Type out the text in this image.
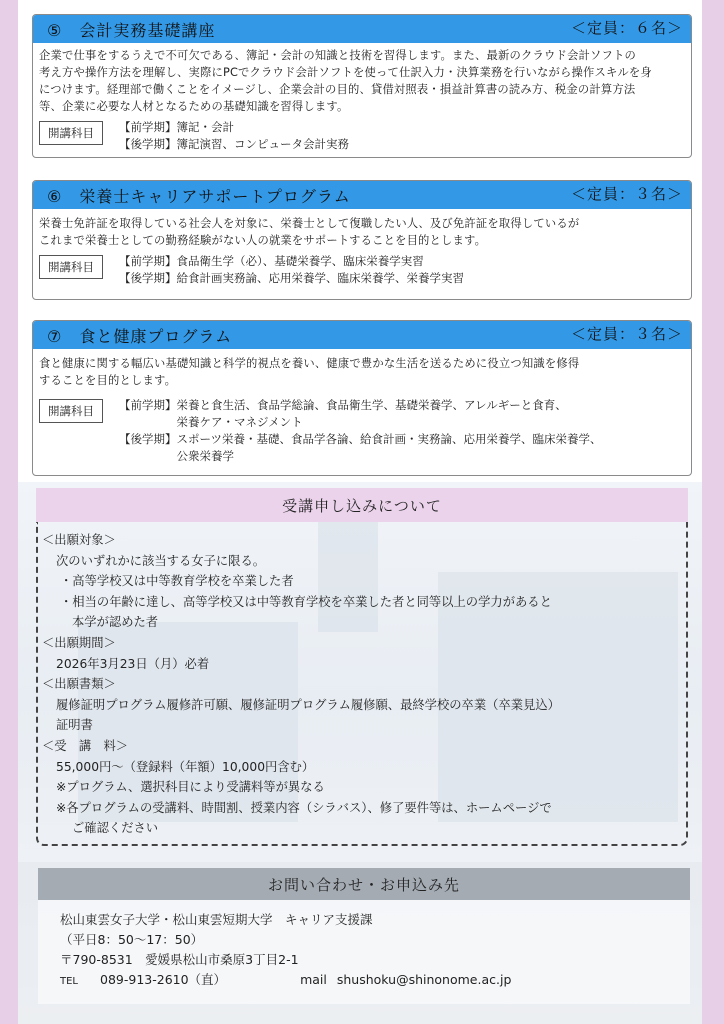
⑤　会計実務基礎講座	＜定員：６名＞
企業で仕事をするうえで不可欠である、簿記・会計の知識と技術を習得します。また、最新のクラウド会計ソフトの
考え方や操作方法を理解し、実際にPCでクラウド会計ソフトを使って仕訳入力・決算業務を行いながら操作スキルを身
につけます。経理部で働くことをイメージし、企業会計の目的、貸借対照表・損益計算書の読み方、税金の計算方法
等、企業に必要な人材となるための基礎知識を習得します。
開講科目	【前学期】 簿記・会計
【後学期】 簿記演習、コンピュータ会計実務
⑥　栄養士キャリアサポートプログラム	＜定員：３名＞
栄養士免許証を取得している社会人を対象に、栄養士として復職したい人、及び免許証を取得しているが
これまで栄養士としての勤務経験がない人の就業をサポートすることを目的とします。
開講科目	【前学期】 食品衛生学（必）、基礎栄養学、臨床栄養学実習
【後学期】 給食計画実務論、応用栄養学、臨床栄養学、栄養学実習
⑦　食と健康プログラム	＜定員：３名＞
食と健康に関する幅広い基礎知識と科学的視点を養い、健康で豊かな生活を送るために役立つ知識を修得
することを目的とします。
開講科目	【前学期】 栄養と食生活、食品学総論、食品衛生学、基礎栄養学、アレルギーと食育、
栄養ケア・マネジメント
【後学期】 スポーツ栄養・基礎、食品学各論、給食計画・実務論、応用栄養学、臨床栄養学、
公衆栄養学
受講申し込みについて
＜出願対象＞
次のいずれかに該当する女子に限る。
・高等学校又は中等教育学校を卒業した者
・相当の年齢に達し、高等学校又は中等教育学校を卒業した者と同等以上の学力があると
本学が認めた者
＜出願期間＞
2026年3月23日（月）必着
＜出願書類＞
履修証明プログラム履修許可願、履修証明プログラム履修願、最終学校の卒業（卒業見込）
証明書
＜受　講　料＞
55,000円～（登録料（年額）10,000円含む）
※プログラム、選択科目により受講料等が異なる
※各プログラムの受講料、時間割、授業内容（シラバス）、修了要件等は、ホームページで
ご確認ください
お問い合わせ・お申込み先
松山東雲女子大学・松山東雲短期大学　キャリア支援課
（平日8：50～17：50）
〒790-8531　愛媛県松山市桑原3丁目2-1
TEL 089-913-2610（直）	mail shushoku@shinonome.ac.jp
